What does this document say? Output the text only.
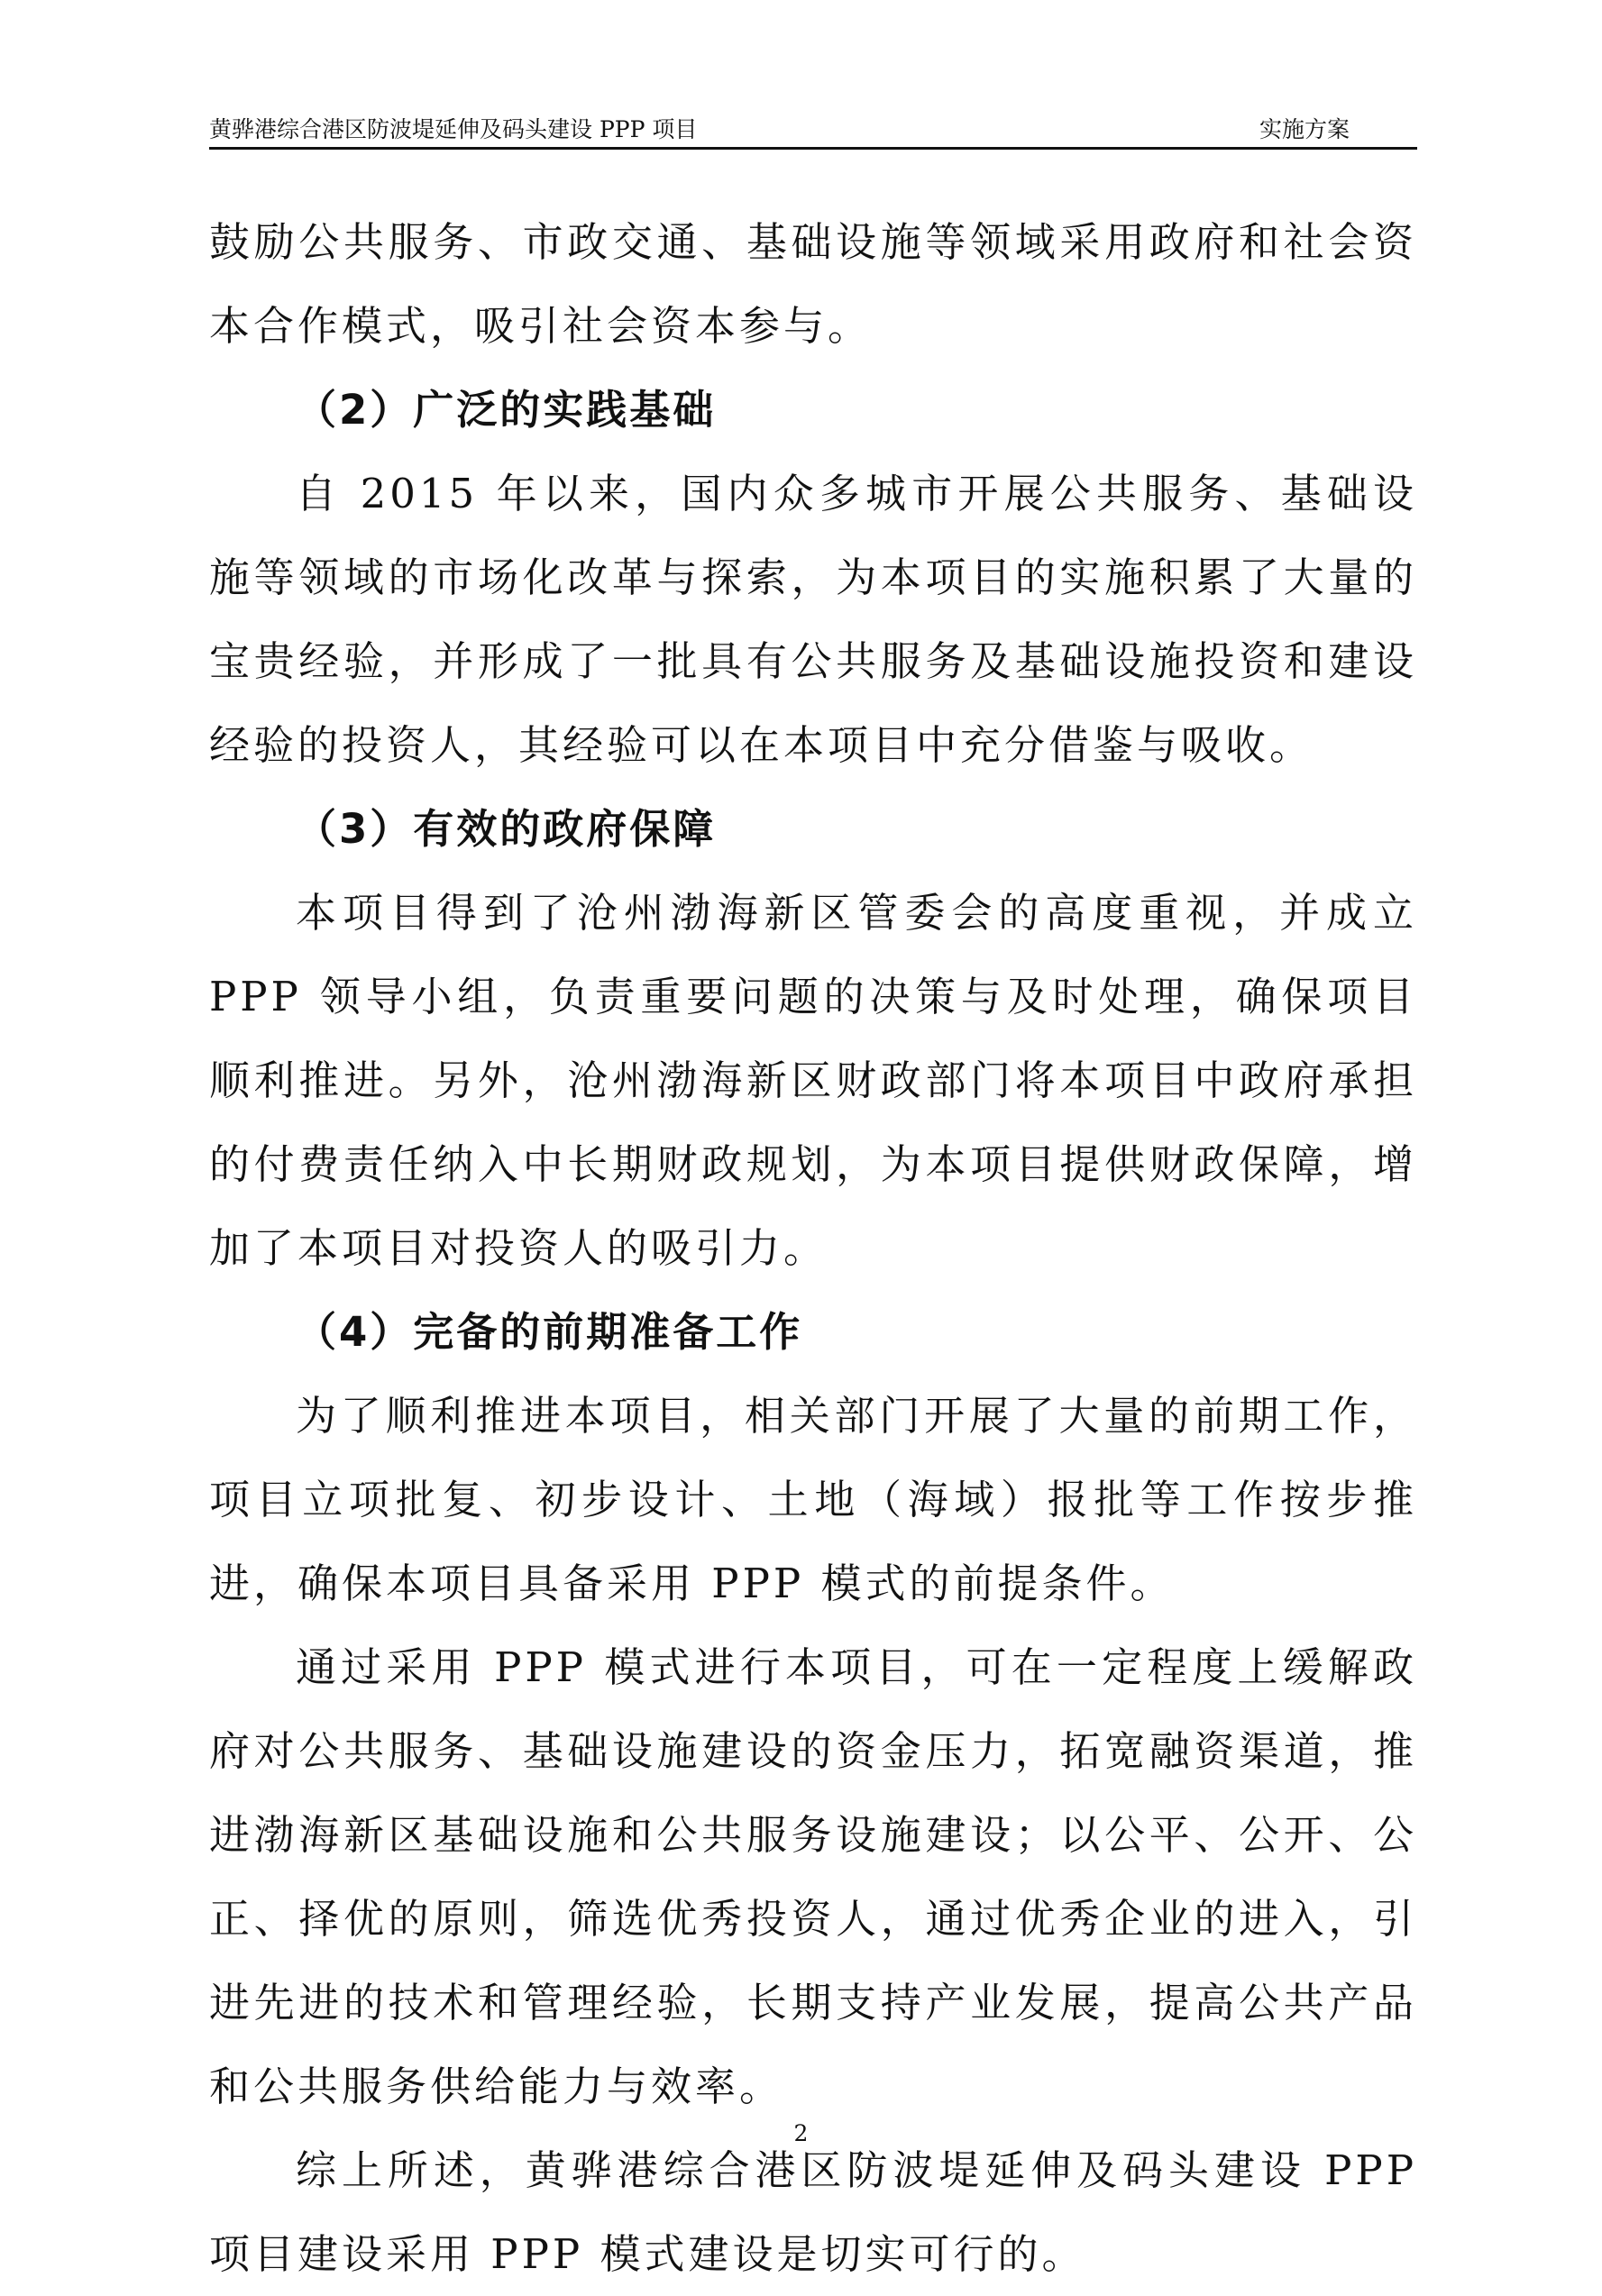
黄骅港综合港区防波堤延伸及码头建设 PPP 项目	实施方案

鼓励公共服务、市政交通、基础设施等领域采用政府和社会资本合作模式，吸引社会资本参与。

（2）广泛的实践基础

自 2015 年以来，国内众多城市开展公共服务、基础设施等领域的市场化改革与探索，为本项目的实施积累了大量的宝贵经验，并形成了一批具有公共服务及基础设施投资和建设经验的投资人，其经验可以在本项目中充分借鉴与吸收。

（3）有效的政府保障

本项目得到了沧州渤海新区管委会的高度重视，并成立 PPP 领导小组，负责重要问题的决策与及时处理，确保项目顺利推进。另外，沧州渤海新区财政部门将本项目中政府承担的付费责任纳入中长期财政规划，为本项目提供财政保障，增加了本项目对投资人的吸引力。

（4）完备的前期准备工作

为了顺利推进本项目，相关部门开展了大量的前期工作，项目立项批复、初步设计、土地（海域）报批等工作按步推进，确保本项目具备采用 PPP 模式的前提条件。

通过采用 PPP 模式进行本项目，可在一定程度上缓解政府对公共服务、基础设施建设的资金压力，拓宽融资渠道，推进渤海新区基础设施和公共服务设施建设；以公平、公开、公正、择优的原则，筛选优秀投资人，通过优秀企业的进入，引进先进的技术和管理经验，长期支持产业发展，提高公共产品和公共服务供给能力与效率。

综上所述，黄骅港综合港区防波堤延伸及码头建设 PPP 项目建设采用 PPP 模式建设是切实可行的。

2
